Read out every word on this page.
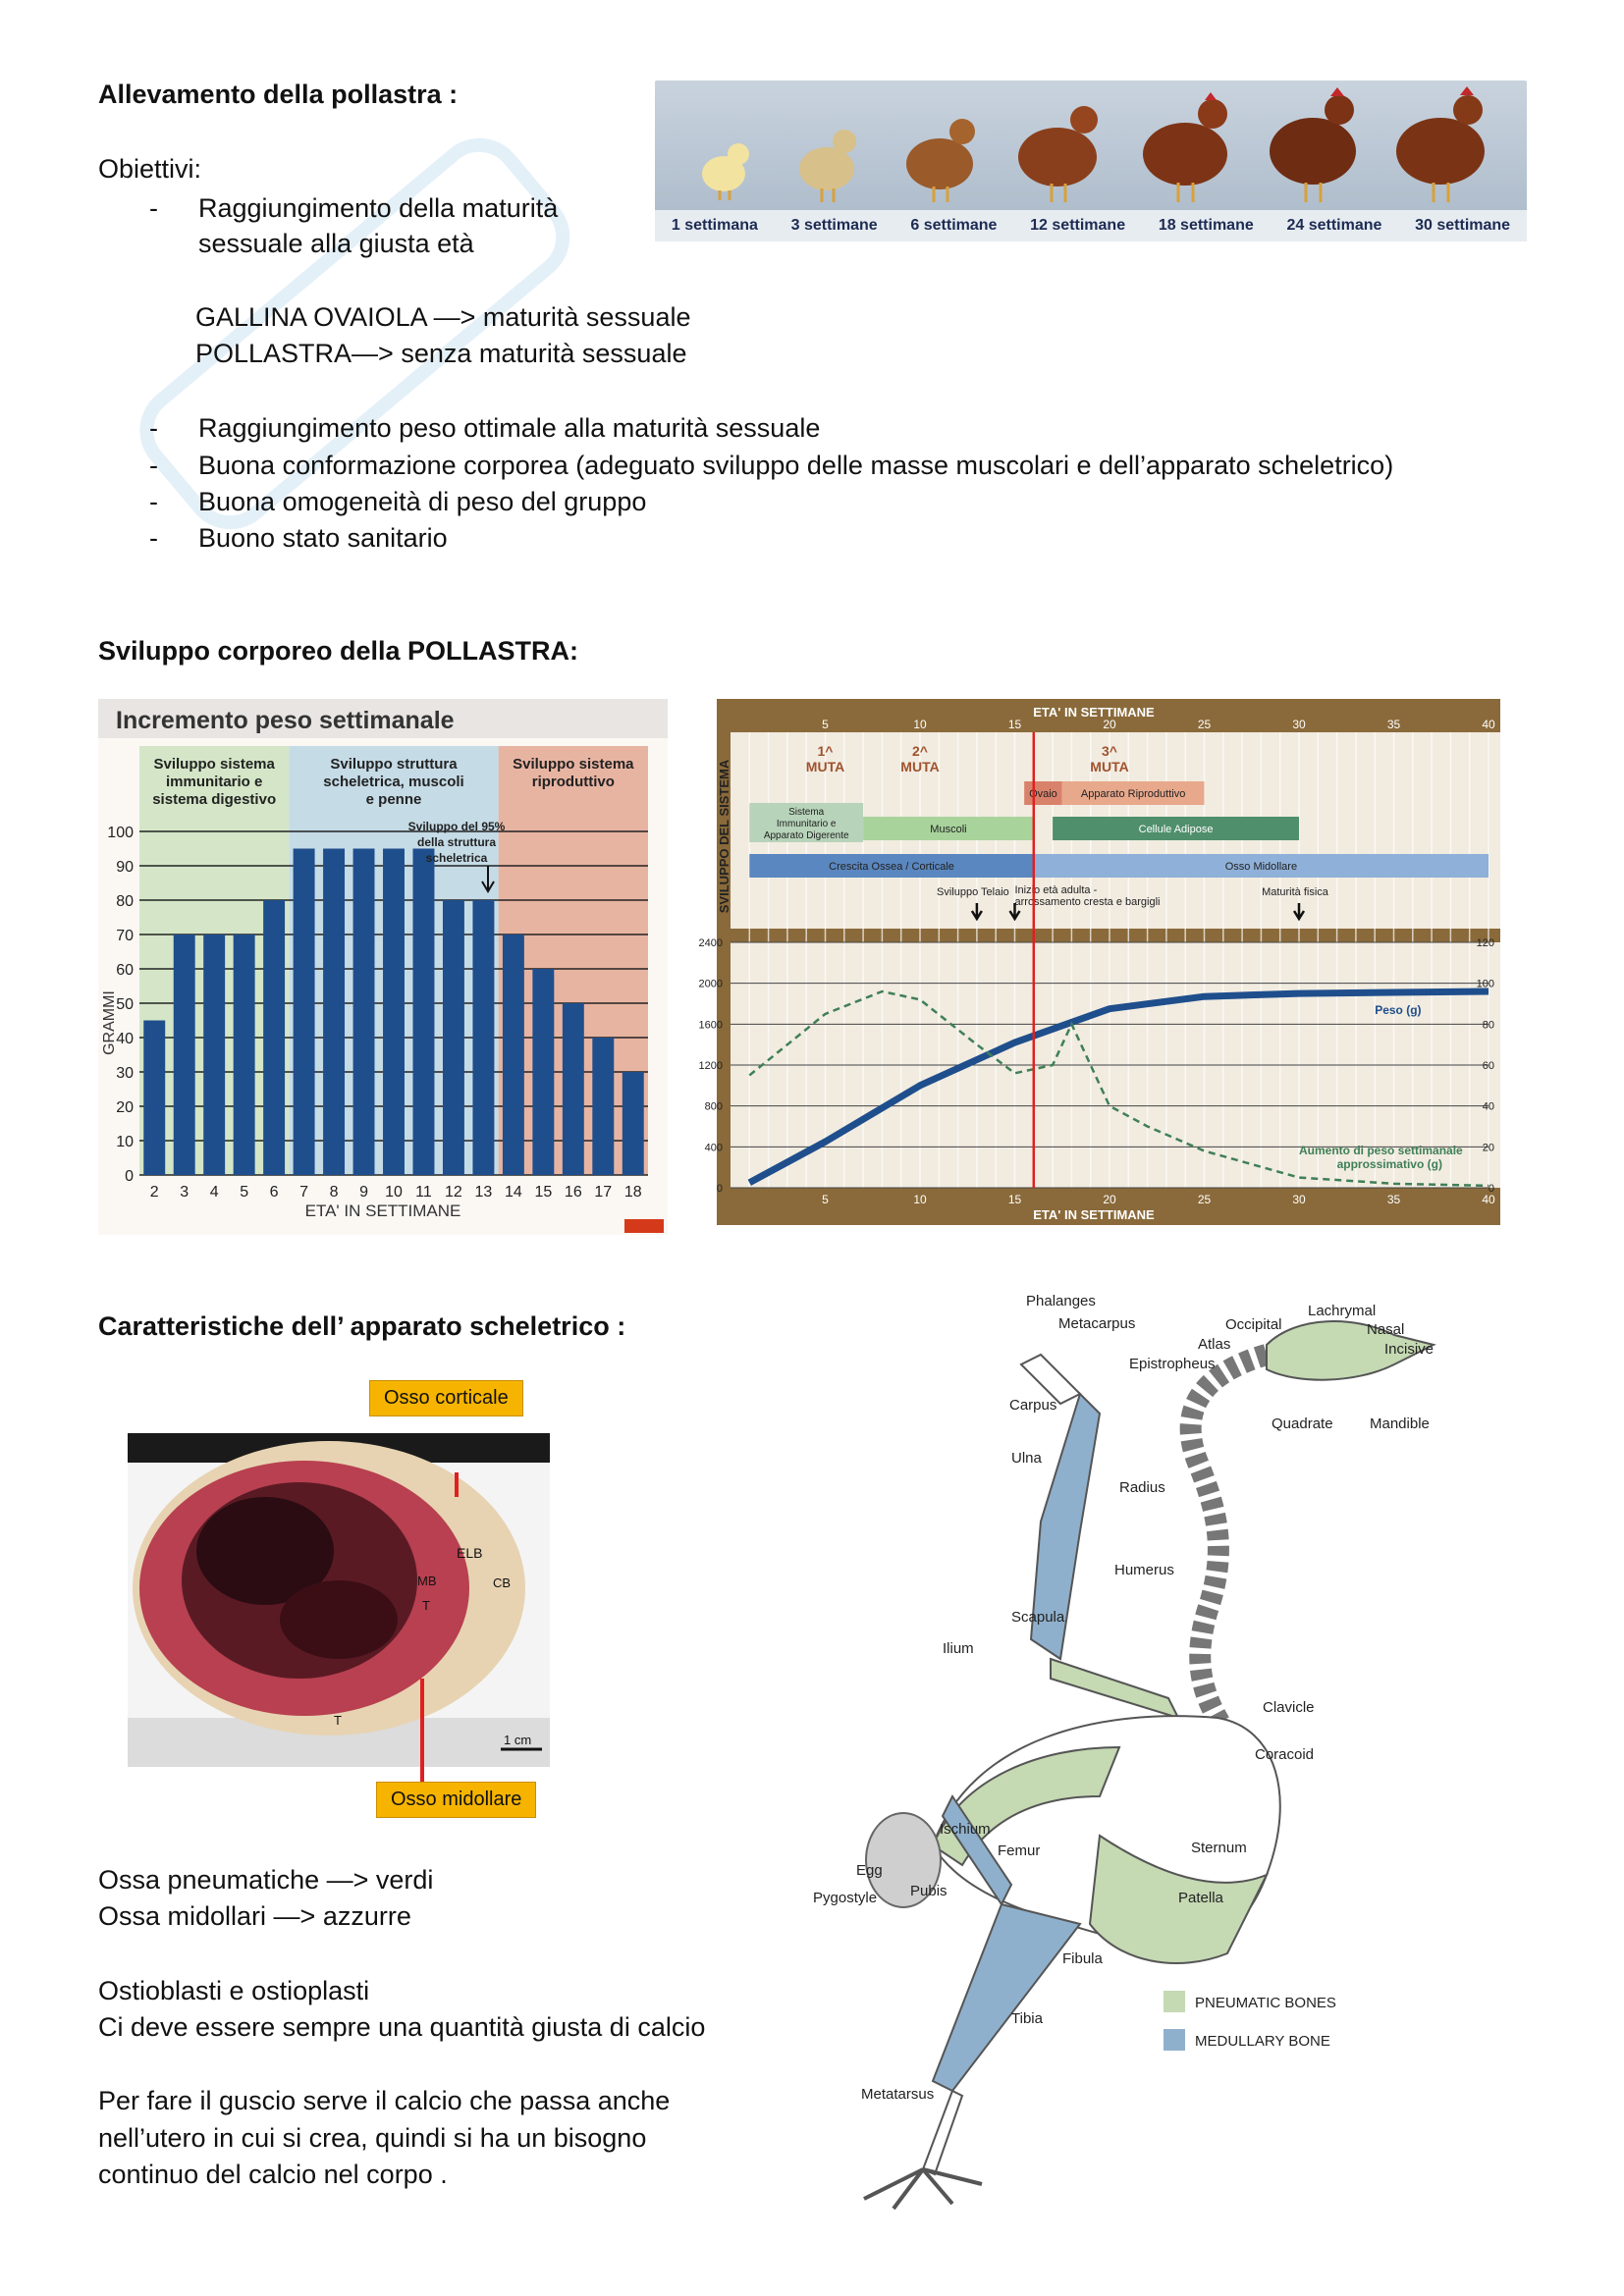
Allevamento della pollastra :
Obiettivi:
- Raggiungimento della maturità
sessuale alla giusta età
GALLINA OVAIOLA —> maturità sessuale
POLLASTRA—> senza maturità sessuale
- Raggiungimento peso ottimale alla maturità sessuale
- Buona conformazione corporea (adeguato sviluppo delle masse muscolari e dell’apparato scheletrico)
- Buona omogeneità di peso del gruppo
- Buono stato sanitario
1 settimana 3 settimane 6 settimane 12 settimane 18 settimane 24 settimane 30 settimane
Sviluppo corporeo della POLLASTRA:
Incremento peso settimanale
Sviluppo sistema
immunitario e
sistema digestivo
Sviluppo struttura
scheletrica, muscoli
e penne
Sviluppo sistema
riproduttivo
0
10
20
30
40
50
60
70
80
90
100
2 3 4 5 6 7 8 9 10 11 12 13 14 15 16 17 18
ETA' IN SETTIMANE
GRAMMI
Sviluppo del 95%
della struttura
scheletrica
5	10	15	20	25	30	35	40
1^
MUTA
2^
MUTA
3^
MUTA
Ovaio Apparato Riproduttivo
Sistema
Immunitario e
Apparato Digerente
Muscoli	Cellule Adipose
Crescita Ossea / Corticale	Osso Midollare
Sviluppo Telaio Inizio età adulta -
arrossamento cresta e bargigli
Maturità fisica
0	0
400	20
800	40
1200	60
1600	80
2000	100
2400	120
Peso (g)
Aumento di peso settimanale
approssimativo (g)
5	10	15	20	25	30	35	40
ETA' IN SETTIMANE
ETA' IN SETTIMANE
SVILUPPO DEL SISTEMA
Caratteristiche dell’ apparato scheletrico :
Osso corticale
Osso midollare
ELB
MB	CB
T
T
1 cm
Ossa pneumatiche —> verdi
Ossa midollari —> azzurre
Ostioblasti e ostioplasti
Ci deve essere sempre una quantità giusta di calcio
Per fare il guscio serve il calcio che passa anche
nell’utero in cui si crea, quindi si ha un bisogno
continuo del calcio nel corpo .
Phalanges
Metacarpus	Occipital
Lachrymal
Nasal
Atlas	Incisive
Epistropheus
Carpus
Quadrate Mandible
Ulna
Radius
Humerus
Scapula
Ilium
Clavicle
Coracoid
Ischium
Sternum
Egg
Femur
Pygostyle Pubis	Patella
Fibula
Tibia
Metatarsus
PNEUMATIC BONES
MEDULLARY BONE
